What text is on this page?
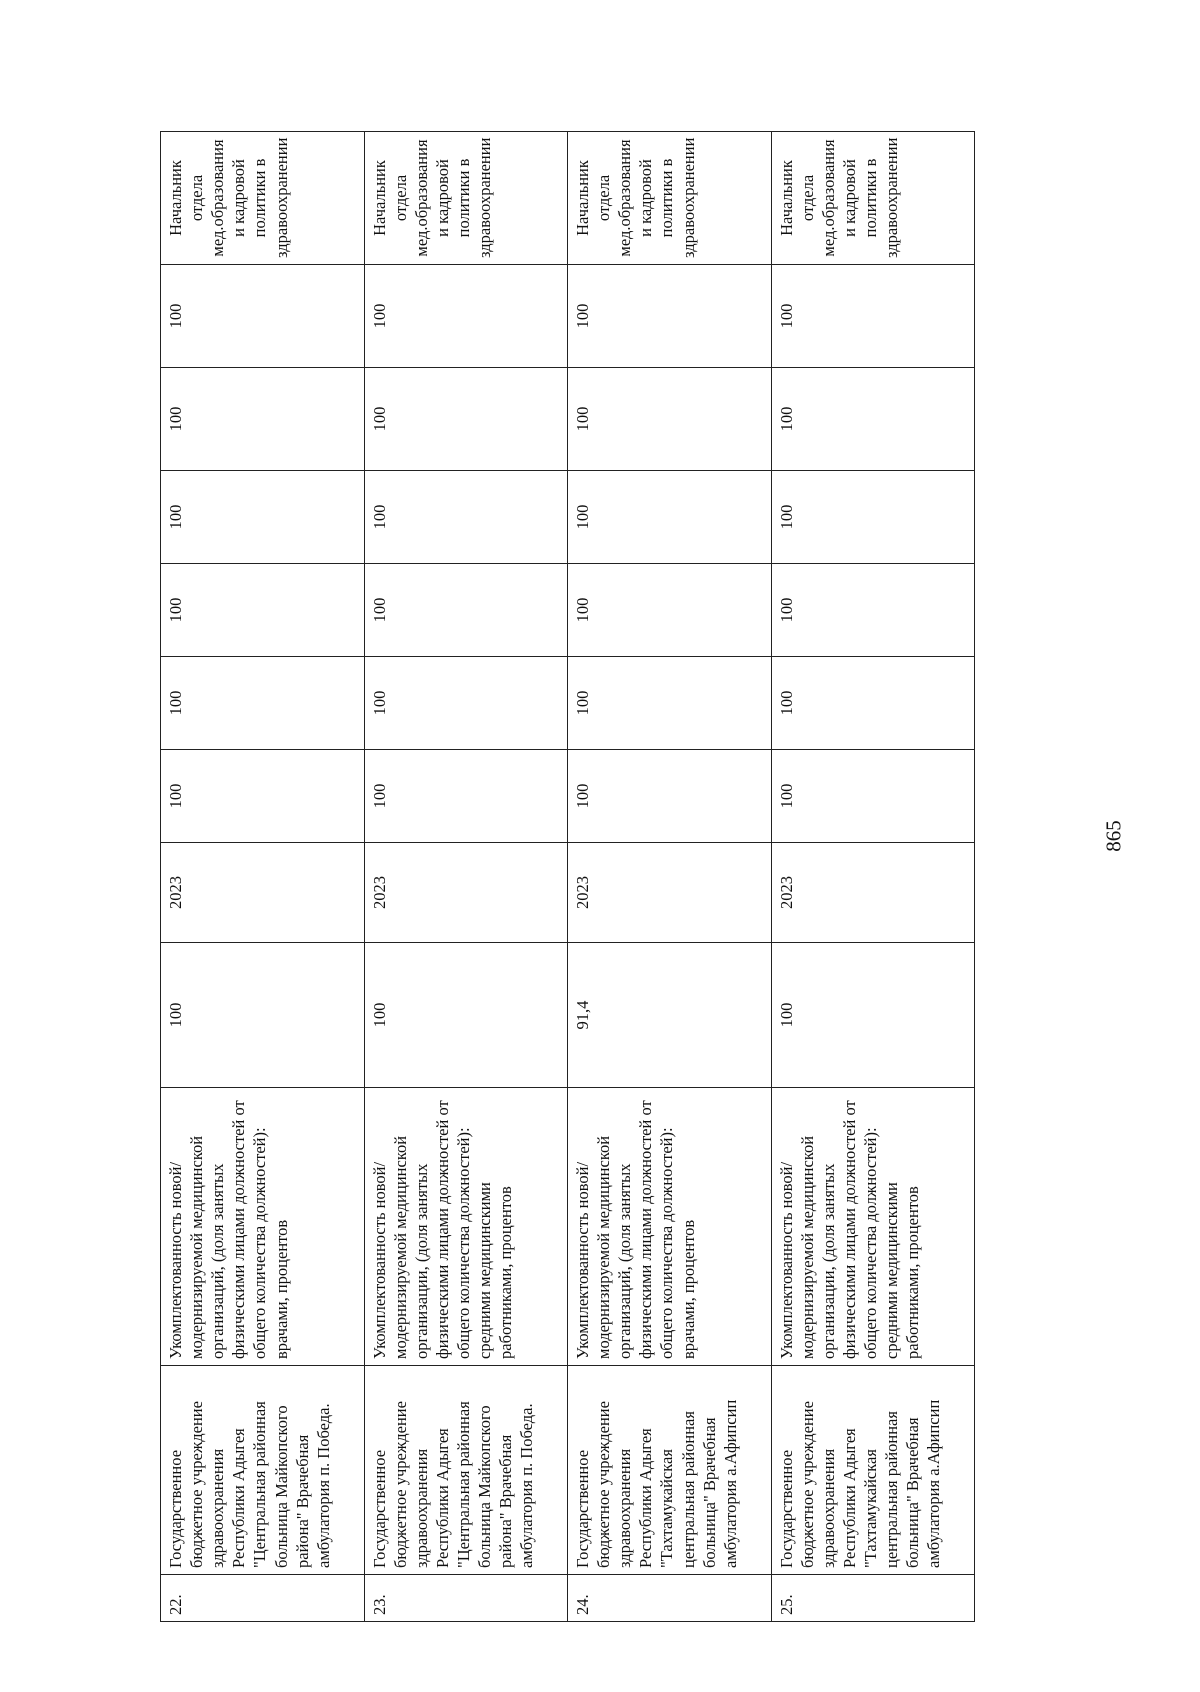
22.	Государственное бюджетное учреждение здравоохранения Республики Адыгея "Центральная районная больница Майкопского района" Врачебная амбулатория п. Победа.	Укомплектованность новой/модернизируемой медицинской организаций, (доля занятых физическими лицами должностей от общего количества должностей): врачами, процентов	100	2023	100	100	100	100	100	100	Начальник отдела мед.образования и кадровой политики в здравоохранении
23.	Государственное бюджетное учреждение здравоохранения Республики Адыгея "Центральная районная больница Майкопского района" Врачебная амбулатория п. Победа.	Укомплектованность новой/модернизируемой медицинской организации, (доля занятых физическими лицами должностей от общего количества должностей): средними медицинскими работниками, процентов	100	2023	100	100	100	100	100	100	Начальник отдела мед.образования и кадровой политики в здравоохранении
24.	Государственное бюджетное учреждение здравоохранения Республики Адыгея "Тахтамукайская центральная районная больница" Врачебная амбулатория а.Афипсип	Укомплектованность новой/модернизируемой медицинской организаций, (доля занятых физическими лицами должностей от общего количества должностей): врачами, процентов	91,4	2023	100	100	100	100	100	100	Начальник отдела мед.образования и кадровой политики в здравоохранении
25.	Государственное бюджетное учреждение здравоохранения Республики Адыгея "Тахтамукайская центральная районная больница" Врачебная амбулатория а.Афипсип	Укомплектованность новой/модернизируемой медицинской организации, (доля занятых физическими лицами должностей от общего количества должностей): средними медицинскими работниками, процентов	100	2023	100	100	100	100	100	100	Начальник отдела мед.образования и кадровой политики в здравоохранении
865
